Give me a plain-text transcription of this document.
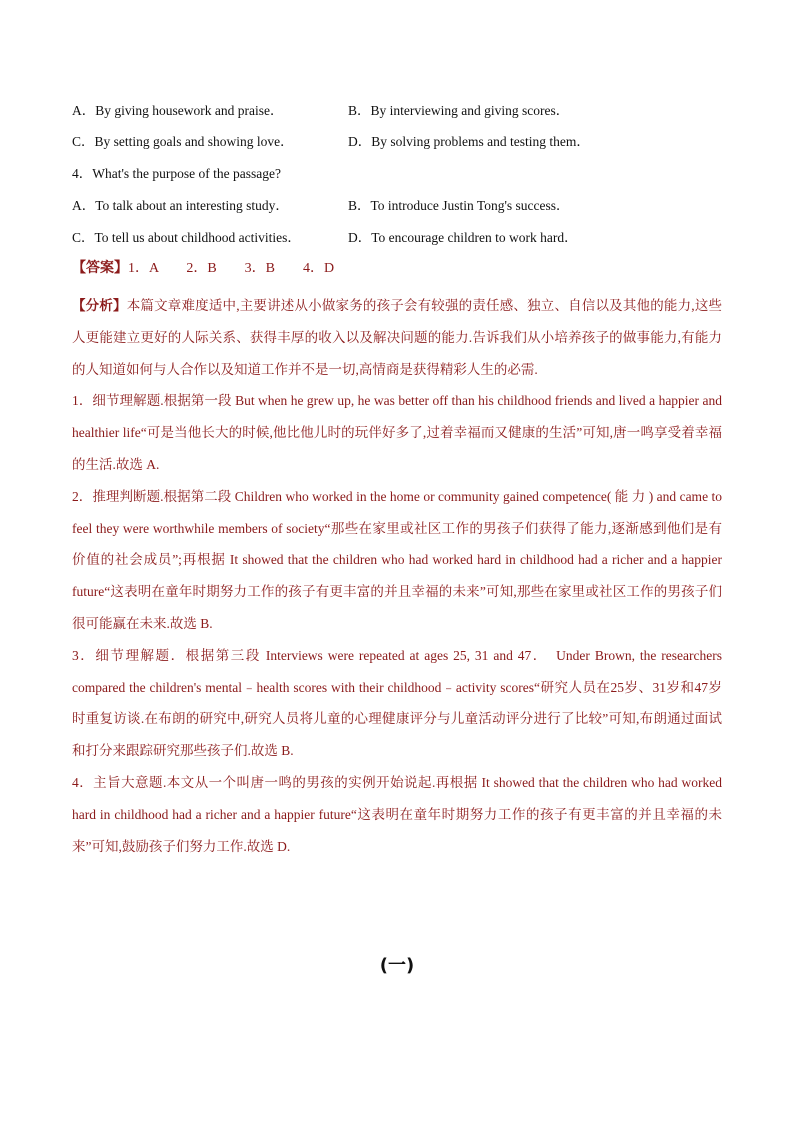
A．By giving housework and praise．	B．By interviewing and giving scores．
C．By setting goals and showing love．	D．By solving problems and testing them．
4．What's the purpose of the passage?
A．To talk about an interesting study．	B．To introduce Justin Tong's success．
C．To tell us about childhood activities．	D．To encourage children to work hard．
【答案】1．A　　2．B　　3．B　　4．D

【分析】本篇文章难度适中,主要讲述从小做家务的孩子会有较强的责任感、独立、自信以及其他的能力,这些人更能建立更好的人际关系、获得丰厚的收入以及解决问题的能力.告诉我们从小培养孩子的做事能力,有能力的人知道如何与人合作以及知道工作并不是一切,高情商是获得精彩人生的必需.

1．细节理解题.根据第一段 But when he grew up, he was better off than his childhood friends and lived a happier and healthier life“可是当他长大的时候,他比他儿时的玩伴好多了,过着幸福而又健康的生活”可知,唐一鸣享受着幸福的生活.故选 A.

2．推理判断题.根据第二段 Children who worked in the home or community gained competence( 能 力 ) and came to feel they were worthwhile members of society“那些在家里或社区工作的男孩子们获得了能力,逐渐感到他们是有价值的社会成员”;再根据 It showed that the children who had worked hard in childhood had a richer and a happier future“这表明在童年时期努力工作的孩子有更丰富的并且幸福的未来”可知,那些在家里或社区工作的男孩子们很可能赢在未来.故选 B.

3．细节理解题．根据第三段 Interviews were repeated at ages 25, 31 and 47．　Under Brown, the researchers compared the children's mental﹣health scores with their childhood﹣activity scores“研究人员在25岁、31岁和47岁时重复访谈.在布朗的研究中,研究人员将儿童的心理健康评分与儿童活动评分进行了比较”可知,布朗通过面试和打分来跟踪研究那些孩子们.故选 B.

4．主旨大意题.本文从一个叫唐一鸣的男孩的实例开始说起.再根据 It showed that the children who had worked hard in childhood had a richer and a happier future“这表明在童年时期努力工作的孩子有更丰富的并且幸福的未来”可知,鼓励孩子们努力工作.故选 D.

(一)
